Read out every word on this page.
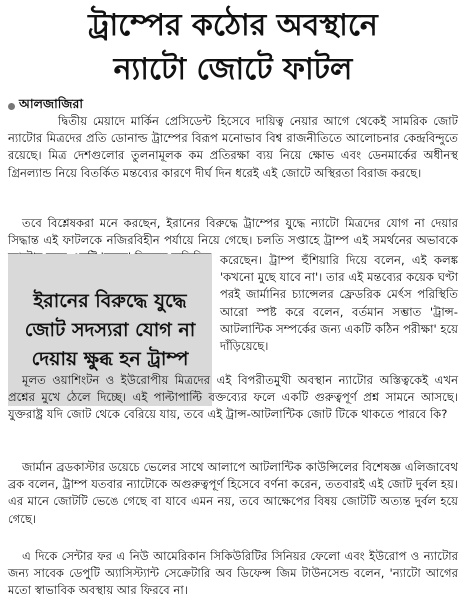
ট্রাম্পের কঠোর অবস্থানে
ন্যাটো জোটে ফাটল
আলজাজিরা
দ্বিতীয় মেয়াদে মার্কিন প্রেসিডেন্ট হিসেবে দায়িত্ব নেয়ার আগে থেকেই সামরিক জোট ন্যাটোর মিত্রদের প্রতি ডোনাল্ড ট্রাম্পের বিরূপ মনোভাব বিশ্ব রাজনীতিতে আলোচনার কেন্দ্রবিন্দুতে রয়েছে। মিত্র দেশগুলোর তুলনামূলক কম প্রতিরক্ষা ব্যয় নিয়ে ক্ষোভ এবং ডেনমার্কের অধীনস্থ গ্রিনল্যান্ড নিয়ে বিতর্কিত মন্তব্যের কারণে দীর্ঘ দিন ধরেই এই জোটে অস্থিরতা বিরাজ করছে।
তবে বিশ্লেষকরা মনে করছেন, ইরানের বিরুদ্ধে ট্রাম্পের যুদ্ধে ন্যাটো মিত্রদের যোগ না দেয়ার সিদ্ধান্ত এই ফাটলকে নজিরবিহীন পর্যায়ে নিয়ে গেছে। চলতি সপ্তাহে ট্রাম্প এই সমর্থনের অভাবকে
ইরানের বিরুদ্ধে যুদ্ধে জোট সদস্যরা যোগ না দেয়ায় ক্ষুব্ধ হন ট্রাম্প
করেছেন। ট্রাম্প হুঁশিয়ারি দিয়ে বলেন, এই কলঙ্ক 'কখনো মুছে যাবে না'। তার এই মন্তব্যের কয়েক ঘণ্টা পরই জার্মানির চ্যান্সেলর ফ্রেডরিক মের্ৎস পরিস্থিতি আরো স্পষ্ট করে বলেন, বর্তমান সম্ভাত 'ট্রান্স-আটলান্টিক সম্পর্কের জন্য একটি কঠিন পরীক্ষা' হয়ে দাঁড়িয়েছে।
মূলত ওয়াশিংটন ও ইউরোপীয় মিত্রদের এই বিপরীতমুখী অবস্থান ন্যাটোর অস্তিত্বকেই এখন প্রশ্নের মুখে ঠেলে দিচ্ছে। এই পাল্টাপাল্টি বক্তব্যের ফলে একটি গুরুত্বপূর্ণ প্রশ্ন সামনে আসছে। যুক্তরাষ্ট্র যদি জোট থেকে বেরিয়ে যায়, তবে এই ট্রান্স-আটলান্টিক জোট টিকে থাকতে পারবে কি?
জার্মান ব্রডকাস্টার ডয়েচে ভেলের সাথে আলাপে আটলান্টিক কাউন্সিলের বিশেষজ্ঞ এলিজাবেথ ব্রক বলেন, ট্রাম্প যতবার ন্যাটোকে অগুরুত্বপূর্ণ হিসেবে বর্ণনা করেন, ততবারই এই জোট দুর্বল হয়। এর মানে জোটটি ভেঙে গেছে বা যাবে এমন নয়, তবে আক্ষেপের বিষয় জোটটি অত্যন্ত দুর্বল হয়ে গেছে।
এ দিকে সেন্টার ফর এ নিউ আমেরিকান সিকিউরিটির সিনিয়র ফেলো এবং ইউরোপ ও ন্যাটোর জন্য সাবেক ডেপুটি অ্যাসিস্ট্যান্ট সেক্রেটারি অব ডিফেন্স জিম টাউনসেন্ড বলেন, 'ন্যাটো আগের মতো স্বাভাবিক অবস্থায় আর ফিরবে না।
